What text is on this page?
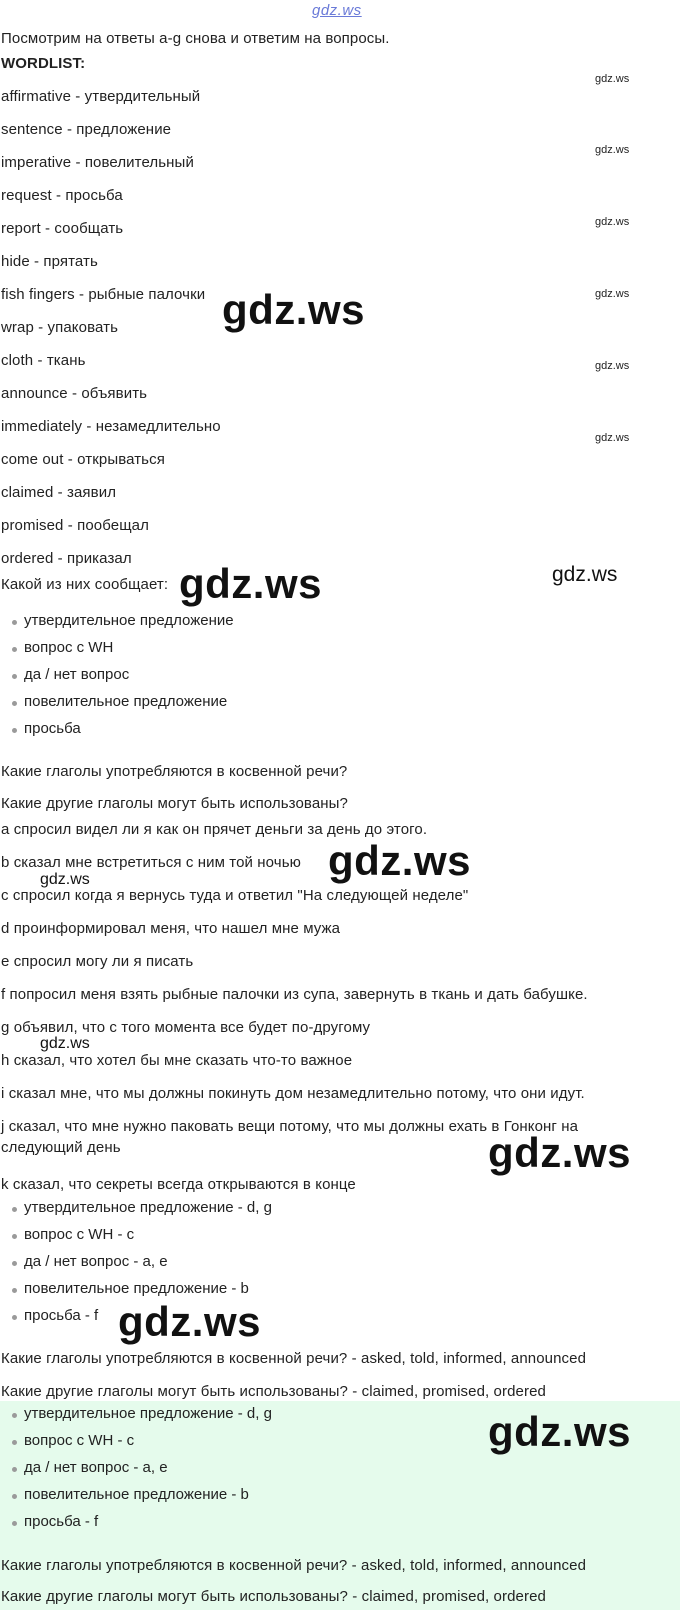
gdz.ws
Посмотрим на ответы a-g снова и ответим на вопросы.
WORDLIST:
affirmative - утвердительный
sentence - предложение
imperative - повелительный
request - просьба
report - сообщать
hide - прятать
fish fingers - рыбные палочки
wrap - упаковать
cloth - ткань
announce - объявить
immediately - незамедлительно
come out - открываться
claimed - заявил
promised - пообещал
ordered - приказал
gdz.ws
gdz.ws
gdz.ws
gdz.ws
gdz.ws
gdz.ws
gdz.ws
Какой из них сообщает: gdz.ws	gdz.ws
утвердительное предложение
вопрос с WH
да / нет вопрос
повелительное предложение
просьба
Какие глаголы употребляются в косвенной речи?
Какие другие глаголы могут быть использованы?
a спросил видел ли я как он прячет деньги за день до этого.
b сказал мне встретиться с ним той ночью gdz.ws
gdz.ws
c спросил когда я вернусь туда и ответил "На следующей неделе"
d проинформировал меня, что нашел мне мужа
e спросил могу ли я писать
f попросил меня взять рыбные палочки из супа, завернуть в ткань и дать бабушке.
g объявил, что с того момента все будет по-другому
gdz.ws
h сказал, что хотел бы мне сказать что-то важное
i сказал мне, что мы должны покинуть дом незамедлительно потому, что они идут.
j сказал, что мне нужно паковать вещи потому, что мы должны ехать в Гонконг на
следующий день	gdz.ws
k сказал, что секреты всегда открываются в конце
утвердительное предложение - d, g
вопрос с WH - c
да / нет вопрос - a, e
повелительное предложение - b
просьба - f gdz.ws
Какие глаголы употребляются в косвенной речи? - asked, told, informed, announced
Какие другие глаголы могут быть использованы? - claimed, promised, ordered
утвердительное предложение - d, g
вопрос с WH - c
да / нет вопрос - a, e
повелительное предложение - b
просьба - f
gdz.ws
Какие глаголы употребляются в косвенной речи? - asked, told, informed, announced
Какие другие глаголы могут быть использованы? - claimed, promised, ordered
